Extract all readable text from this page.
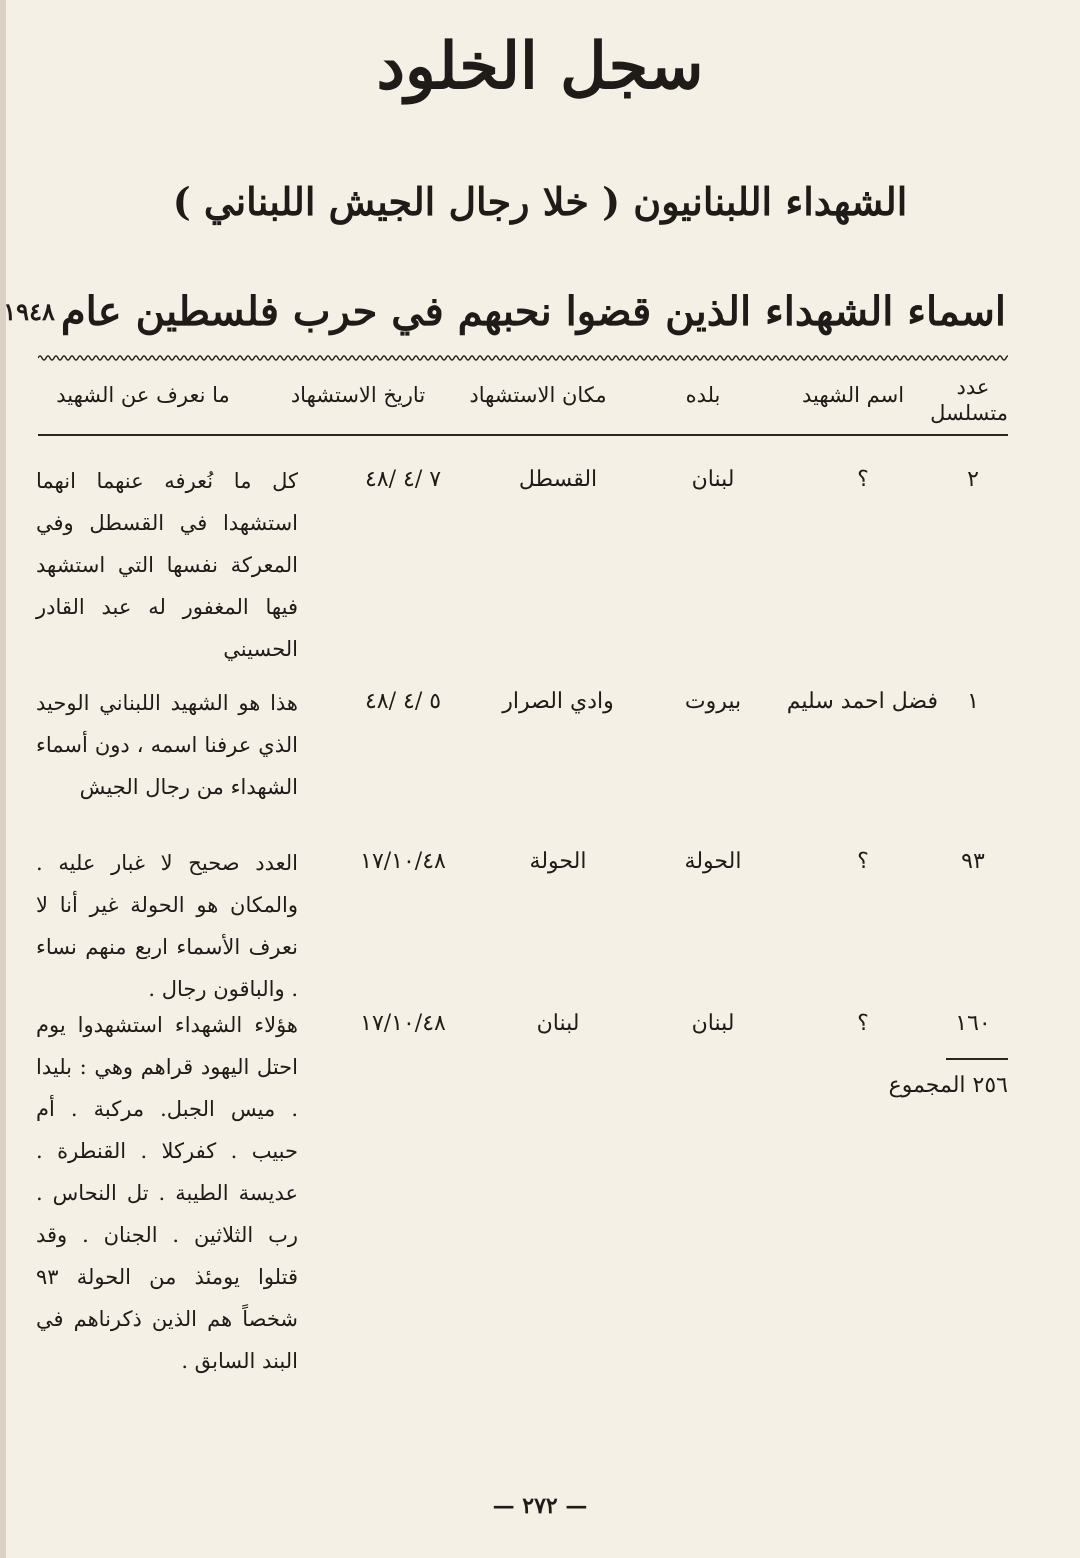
سجل الخلود
الشهداء اللبنانيون ( خلا رجال الجيش اللبناني )
اسماء الشهداء الذين قضوا نحبهم في حرب فلسطين عام$^{١٩٤٨}$
عدد متسلسل
اسم الشهيد
بلده
مكان الاستشهاد
تاريخ الاستشهاد
ما نعرف عن الشهيد
٢
؟
لبنان
القسطل
٧ /٤ /٤٨
كل ما نُعرفه عنهما انهما استشهدا في القسطل وفي المعركة نفسها التي استشهد فيها المغفور له عبد القادر الحسيني
١
فضل احمد سليم
بيروت
وادي الصرار
٥ /٤ /٤٨
هذا هو الشهيد اللبناني الوحيد الذي عرفنا اسمه ، دون أسماء الشهداء من رجال الجيش
٩٣
؟
الحولة
الحولة
١٧/١٠/٤٨
العدد صحيح لا غبار عليه . والمكان هو الحولة غير أنا لا نعرف الأسماء اربع منهم نساء . والباقون رجال .
١٦٠
؟
لبنان
لبنان
١٧/١٠/٤٨
هؤلاء الشهداء استشهدوا يوم احتل اليهود قراهم وهي : بليدا . ميس الجبل. مركبة . أم حبيب . كفركلا . القنطرة . عديسة الطيبة . تل النحاس . رب الثلاثين . الجنان . وقد قتلوا يومئذ من الحولة ٩٣ شخصاً هم الذين ذكرناهم في البند السابق .
٢٥٦ المجموع
— ٢٧٢ —
